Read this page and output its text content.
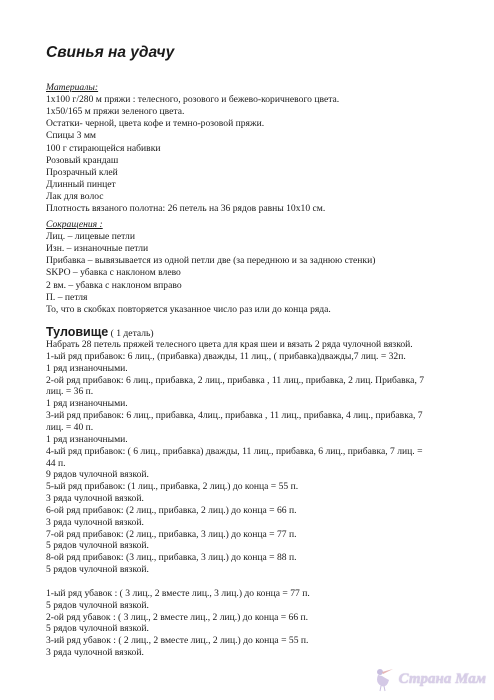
Свинья на удачу
Материалы:
1х100 г/280 м пряжи : телесного, розового и бежево-коричневого цвета.
1х50/165 м пряжи зеленого цвета.
Остатки- черной, цвета кофе и темно-розовой пряжи.
Спицы 3 мм
100 г стирающейся набивки
Розовый крандаш
Прозрачный клей
Длинный пинцет
Лак для волос
Плотность вязаного полотна: 26 петель на 36 рядов равны 10х10 см.
Сокращения :
Лиц. – лицевые петли
Изн. – изнаночные петли
Прибавка – вывязывается из одной петли две (за переднюю и за заднюю стенки)
SKPO – убавка с наклоном влево
2 вм. – убавка с наклоном вправо
П. – петля
То, что в скобках повторяется указанное число раз или до конца ряда.
Набрать 28 петель пряжей телесного цвета для края шеи и вязать 2 ряда чулочной вязкой.
1-ый ряд прибавок: 6 лиц., (прибавка) дважды, 11 лиц., ( прибавка)дважды,7 лиц. = 32п.
1 ряд изнаночными.
2-ой ряд прибавок: 6 лиц., прибавка, 2 лиц., прибавка , 11 лиц., прибавка, 2 лиц. Прибавка, 7
лиц. = 36 п.
1 ряд изнаночными.
3-ий ряд прибавок: 6 лиц., прибавка, 4лиц., прибавка , 11 лиц., прибавка, 4 лиц., прибавка, 7
лиц. = 40 п.
1 ряд изнаночными.
4-ый ряд прибавок: ( 6 лиц., прибавка) дважды, 11 лиц., прибавка, 6 лиц., прибавка, 7 лиц. =
44 п.
9 рядов чулочной вязкой.
5-ый ряд прибавок: (1 лиц., прибавка, 2 лиц.) до конца = 55 п.
3 ряда чулочной вязкой.
6-ой ряд прибавок: (2 лиц., прибавка, 2 лиц.) до конца = 66 п.
3 ряда чулочной вязкой.
7-ой ряд прибавок: (2 лиц., прибавка, 3 лиц.) до конца = 77 п.
5 рядов чулочной вязкой.
8-ой ряд прибавок: (3 лиц., прибавка, 3 лиц.) до конца = 88 п.
5 рядов чулочной вязкой.
1-ый ряд убавок : ( 3 лиц., 2 вместе лиц., 3 лиц.) до конца = 77 п.
5 рядов чулочной вязкой.
2-ой ряд убавок : ( 3 лиц., 2 вместе лиц., 2 лиц.) до конца = 66 п.
5 рядов чулочной вязкой.
3-ий ряд убавок : ( 2 лиц., 2 вместе лиц., 2 лиц.) до конца = 55 п.
3 ряда чулочной вязкой.
Туловище ( 1 деталь)
Страна Мам
